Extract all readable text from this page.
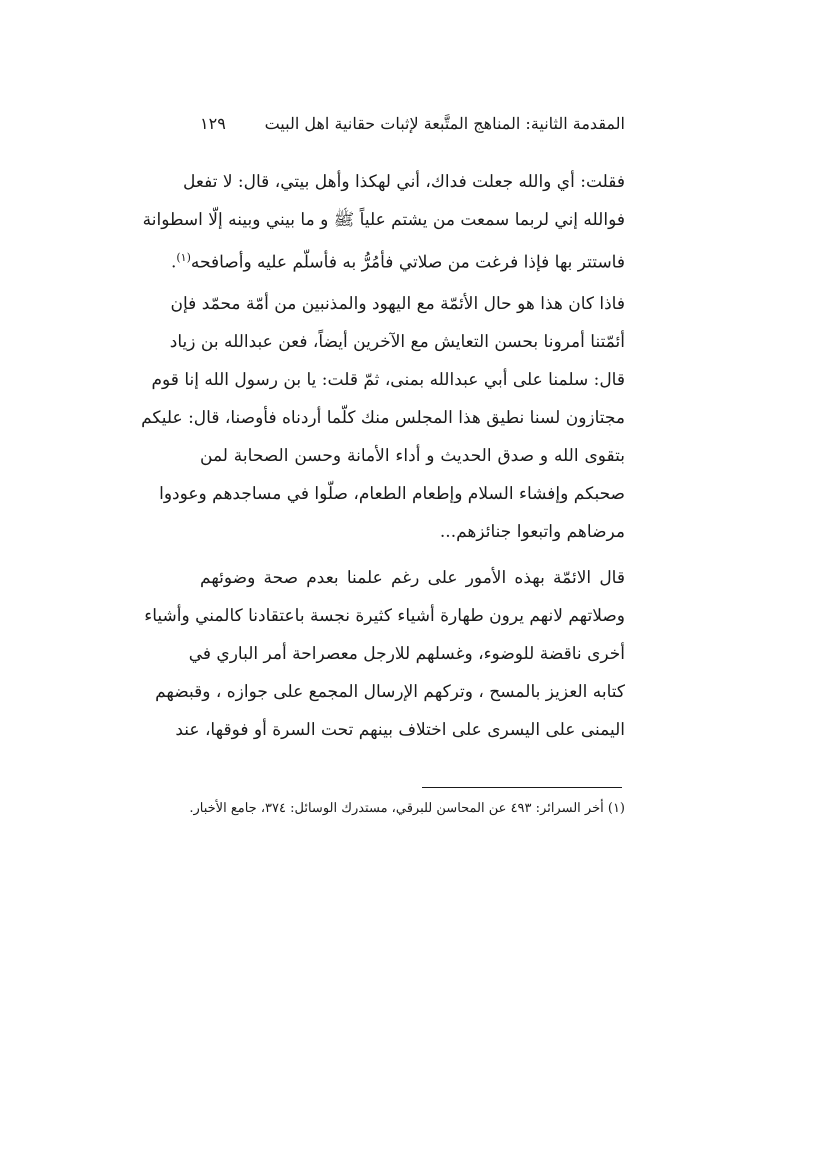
المقدمة الثانية: المناهج المتَّبعة لإثبات حقانية اهل البيت
١٢٩
فقلت: أي والله جعلت فداك، أني لهكذا وأهل بيتي، قال: لا تفعل
فوالله إني لربما سمعت من يشتم علياً ﷺ و ما بيني وبينه إلّا اسطوانة
فاستتر بها فإذا فرغت من صلاتي فأمُرُّ به فأسلّم عليه وأصافحه$^{(١)}$.
فاذا كان هذا هو حال الأئمّة مع اليهود والمذنبين من أمّة محمّد فإن
أئمّتنا أمرونا بحسن التعايش مع الآخرين أيضاً، فعن عبدالله بن زياد
قال: سلمنا على أبي عبدالله بمنى، ثمّ قلت: يا بن رسول الله إنا قوم
مجتازون لسنا نطيق هذا المجلس منك كلّما أردناه فأوصنا، قال: عليكم
بتقوى الله و صدق الحديث و أداء الأمانة وحسن الصحابة لمن
صحبكم وإفشاء السلام وإطعام الطعام، صلّوا في مساجدهم وعودوا
مرضاهم واتبعوا جنائزهم...
قال الائمّة بهذه الأمور على رغم علمنا بعدم صحة وضوئهم
وصلاتهم لانهم يرون طهارة أشياء كثيرة نجسة باعتقادنا كالمني وأشياء
أخرى ناقضة للوضوء، وغسلهم للارجل معصراحة أمر الباري في
كتابه العزيز بالمسح ، وتركهم الإرسال المجمع على جوازه ، وقبضهم
اليمنى على اليسرى على اختلاف بينهم تحت السرة أو فوقها، عند
(١) أخر السرائر: ٤٩٣ عن المحاسن للبرقي، مستدرك الوسائل: ٣٧٤، جامع الأخبار.
